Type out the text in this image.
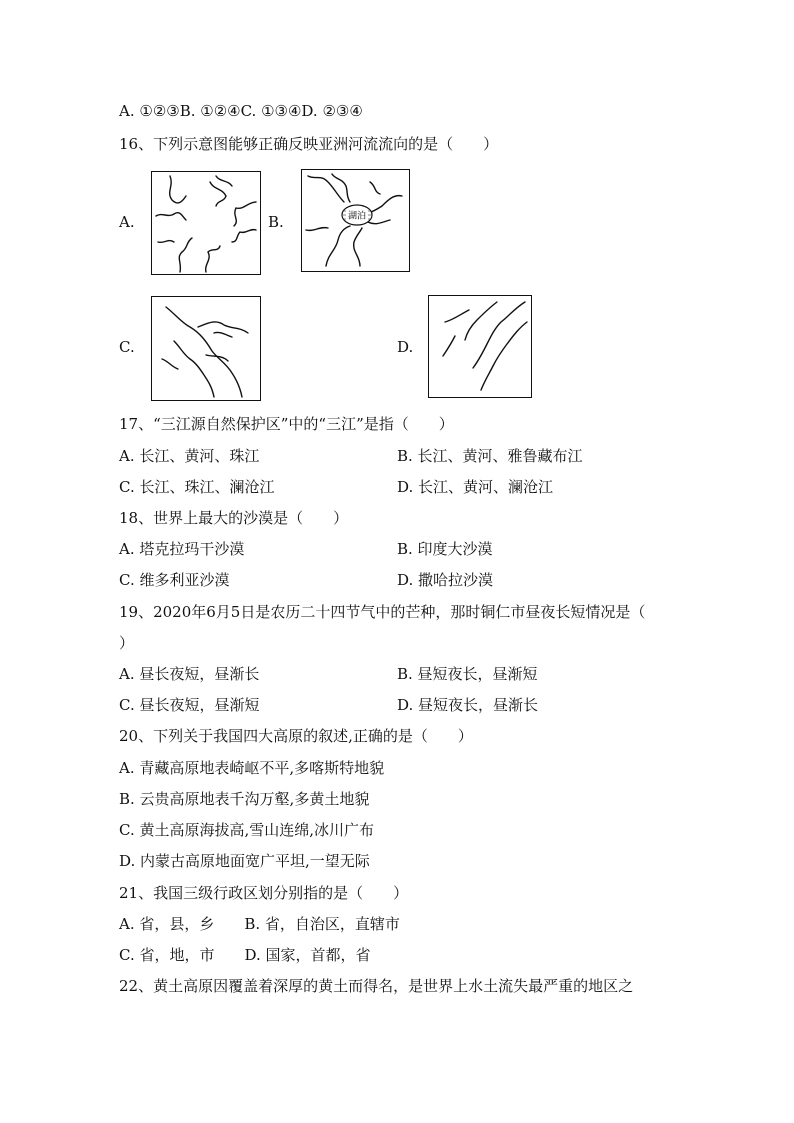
A. ①②③B. ①②④C. ①③④D. ②③④
16、下列示意图能够正确反映亚洲河流流向的是（　　）
A.	B.	湖泊
C.	D.
17、“三江源自然保护区”中的“三江”是指（　　）
A. 长江、黄河、珠江	B. 长江、黄河、雅鲁藏布江
C. 长江、珠江、澜沧江	D. 长江、黄河、澜沧江
18、世界上最大的沙漠是（　　）
A. 塔克拉玛干沙漠	B. 印度大沙漠
C. 维多利亚沙漠	D. 撒哈拉沙漠
19、2020年6月5日是农历二十四节气中的芒种，那时铜仁市昼夜长短情况是（
）
A. 昼长夜短，昼渐长	B. 昼短夜长，昼渐短
C. 昼长夜短，昼渐短	D. 昼短夜长，昼渐长
20、下列关于我国四大高原的叙述,正确的是（　　）
A. 青藏高原地表崎岖不平,多喀斯特地貌
B. 云贵高原地表千沟万壑,多黄土地貌
C. 黄土高原海拔高,雪山连绵,冰川广布
D. 内蒙古高原地面宽广平坦,一望无际
21、我国三级行政区划分别指的是（　　）
A. 省，县，乡　　B. 省，自治区，直辖市
C. 省，地，市　　D. 国家，首都，省
22、黄土高原因覆盖着深厚的黄土而得名，是世界上水土流失最严重的地区之
